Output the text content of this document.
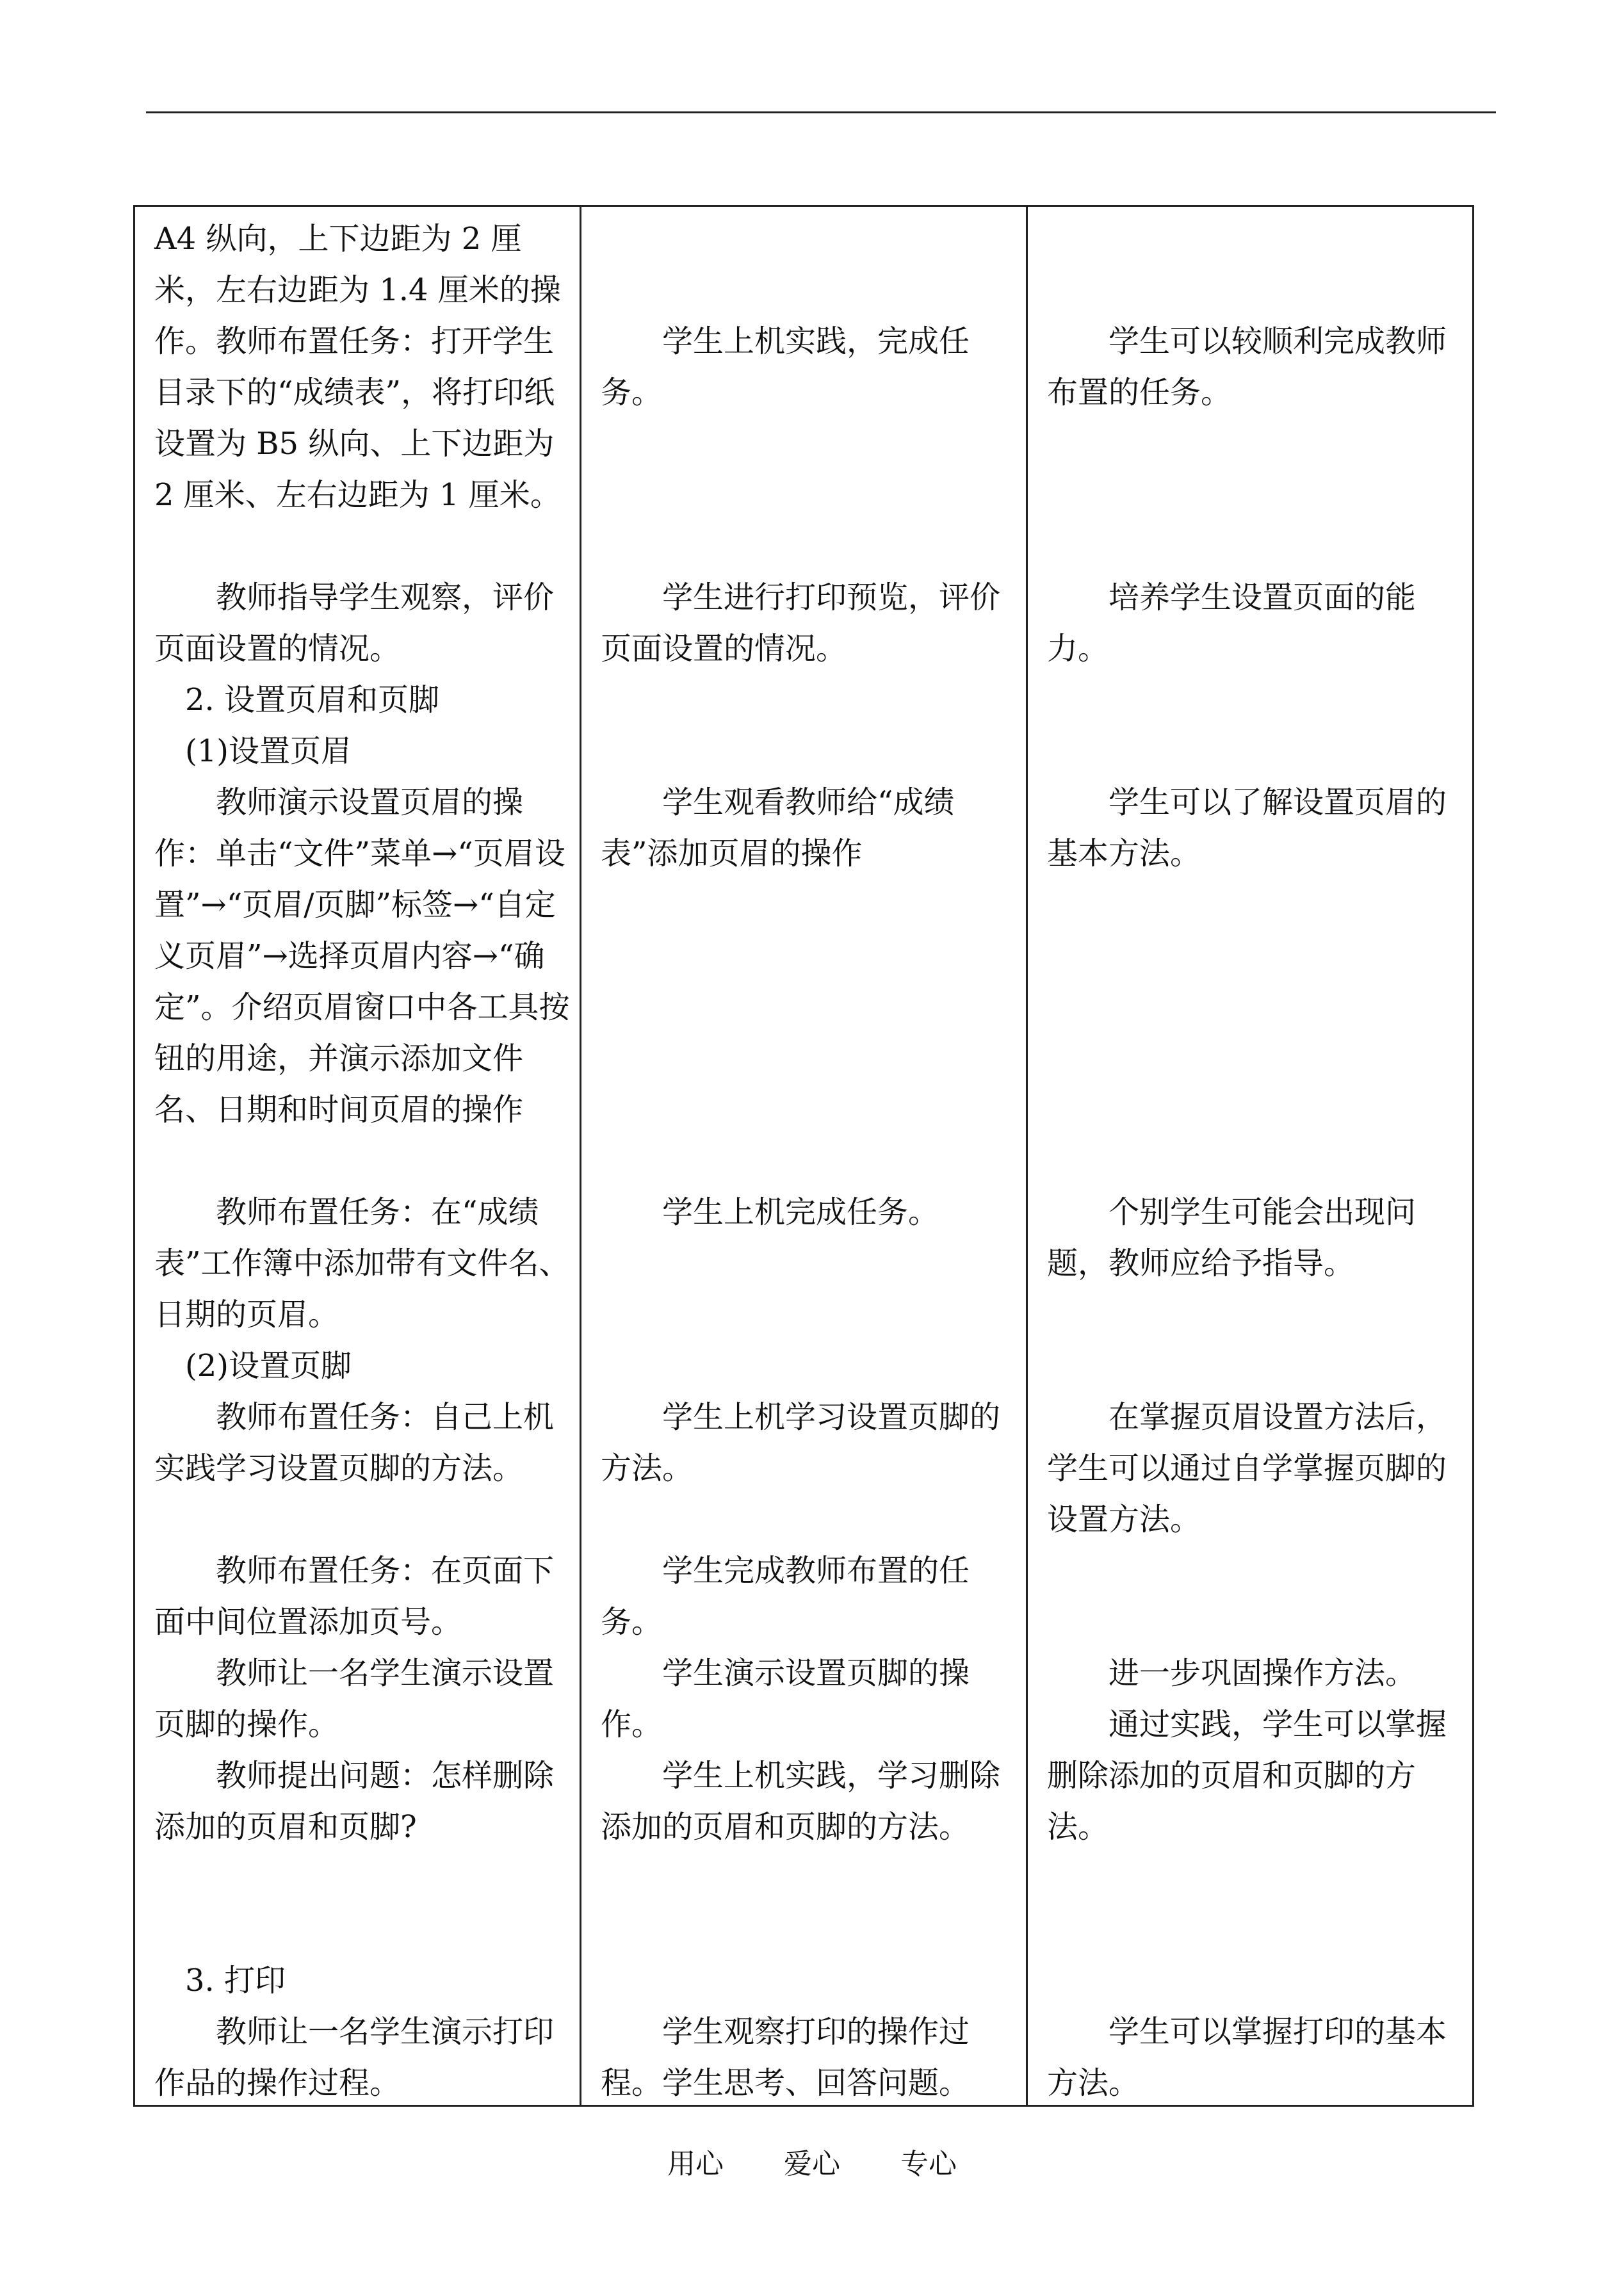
A4 纵向，上下边距为 2 厘米，左右边距为 1.4 厘米的操作。 教师布置任务：打开学生目录下的“成绩表”，将打印纸设置为 B5 纵向、上下边距为 2 厘米、左右边距为 1 厘米。
教师指导学生观察，评价页面设置的情况。
2. 设置页眉和页脚
(1)设置页眉
教师演示设置页眉的操作：单击“文件”菜单→“页眉设置”→“页眉/页脚”标签→“自定义页眉”→选择页眉内容→“确定”。介绍页眉窗口中各工具按钮的用途，并演示添加文件名、日期和时间页眉的操作
教师布置任务：在“成绩表”工作簿中添加带有文件名、日期的页眉。
(2)设置页脚
教师布置任务：自己上机实践学习设置页脚的方法。
教师布置任务：在页面下面中间位置添加页号。
教师让一名学生演示设置页脚的操作。
教师提出问题：怎样删除添加的页眉和页脚?
3. 打印
教师让一名学生演示打印作品的操作过程。
学生上机实践，完成任务。
学生进行打印预览，评价页面设置的情况。
学生观看教师给“成绩表”添加页眉的操作
学生上机完成任务。
学生上机学习设置页脚的方法。
学生完成教师布置的任务。
学生演示设置页脚的操作。
学生上机实践，学习删除添加的页眉和页脚的方法。
学生观察打印的操作过程。 学生思考、回答问题。
学生可以较顺利完成教师布置的任务。
培养学生设置页面的能力。
学生可以了解设置页眉的基本方法。
个别学生可能会出现问题，教师应给予指导。
在掌握页眉设置方法后，学生可以通过自学掌握页脚的设置方法。
进一步巩固操作方法。
通过实践，学生可以掌握删除添加的页眉和页脚的方法。
学生可以掌握打印的基本方法。
用心 爱心 专心
